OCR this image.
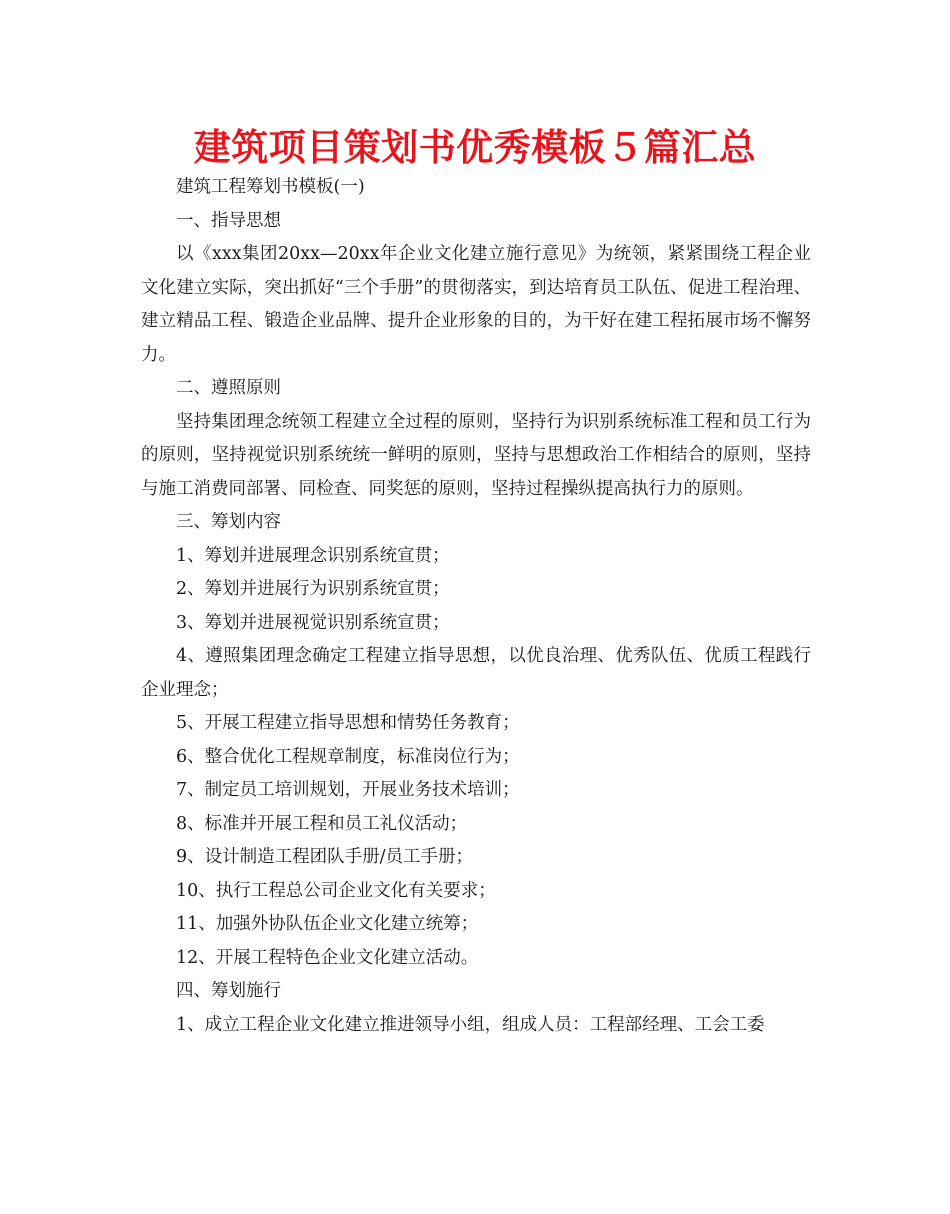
建筑项目策划书优秀模板５篇汇总

建筑工程筹划书模板(一)

一、指导思想

以《xxx集团20xx—20xx年企业文化建立施行意见》为统领，紧紧围绕工程企业文化建立实际，突出抓好“三个手册”的贯彻落实，到达培育员工队伍、促进工程治理、建立精品工程、锻造企业品牌、提升企业形象的目的，为干好在建工程拓展市场不懈努力。

二、遵照原则

坚持集团理念统领工程建立全过程的原则，坚持行为识别系统标准工程和员工行为的原则，坚持视觉识别系统统一鲜明的原则，坚持与思想政治工作相结合的原则，坚持与施工消费同部署、同检查、同奖惩的原则，坚持过程操纵提高执行力的原则。

三、筹划内容

1、筹划并进展理念识别系统宣贯；

2、筹划并进展行为识别系统宣贯；

3、筹划并进展视觉识别系统宣贯；

4、遵照集团理念确定工程建立指导思想，以优良治理、优秀队伍、优质工程践行企业理念；

5、开展工程建立指导思想和情势任务教育；

6、整合优化工程规章制度，标准岗位行为；

7、制定员工培训规划，开展业务技术培训；

8、标准并开展工程和员工礼仪活动；

9、设计制造工程团队手册/员工手册；

10、执行工程总公司企业文化有关要求；

11、加强外协队伍企业文化建立统筹；

12、开展工程特色企业文化建立活动。

四、筹划施行

1、成立工程企业文化建立推进领导小组，组成人员：工程部经理、工会工委
